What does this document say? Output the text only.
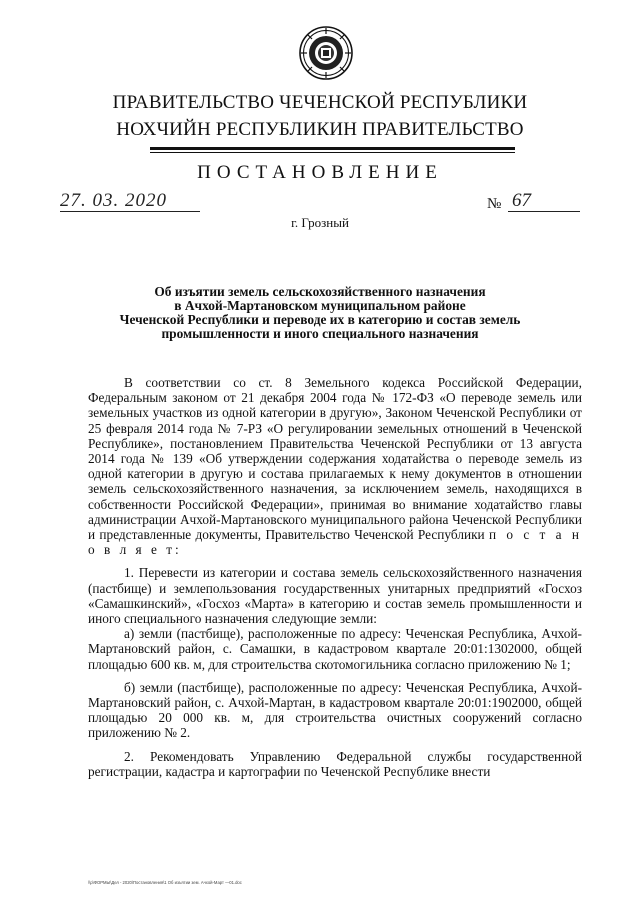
ПРАВИТЕЛЬСТВО ЧЕЧЕНСКОЙ РЕСПУБЛИКИ
НОХЧИЙН РЕСПУБЛИКИН ПРАВИТЕЛЬСТВО
ПОСТАНОВЛЕНИЕ
27. 03. 2020	№ 67
г. Грозный
Об изъятии земель сельскохозяйственного назначения
в Ачхой-Мартановском муниципальном районе
Чеченской Республики и переводе их в категорию и состав земель
промышленности и иного специального назначения

В соответствии со ст. 8 Земельного кодекса Российской Федерации, Федеральным законом от 21 декабря 2004 года № 172-ФЗ «О переводе земель или земельных участков из одной категории в другую», Законом Чеченской Республики от 25 февраля 2014 года № 7-РЗ «О регулировании земельных отношений в Чеченской Республике», постановлением Правительства Чеченской Республики от 13 августа 2014 года № 139 «Об утверждении содержания ходатайства о переводе земель из одной категории в другую и состава прилагаемых к нему документов в отношении земель сельскохозяйственного назначения, за исключением земель, находящихся в собственности Российской Федерации», принимая во внимание ходатайство главы администрации Ачхой-Мартановского муниципального района Чеченской Республики и представленные документы, Правительство Чеченской Республики п о с т а н о в л я е т:

1. Перевести из категории и состава земель сельскохозяйственного назначения (пастбище) и землепользования государственных унитарных предприятий «Госхоз «Самашкинский», «Госхоз «Марта» в категорию и состав земель промышленности и иного специального назначения следующие земли:

а) земли (пастбище), расположенные по адресу: Чеченская Республика, Ачхой-Мартановский район, с. Самашки, в кадастровом квартале 20:01:1302000, общей площадью 600 кв. м, для строительства скотомогильника согласно приложению № 1;

б) земли (пастбище), расположенные по адресу: Чеченская Республика, Ачхой-Мартановский район, с. Ачхой-Мартан, в кадастровом квартале 20:01:1902000, общей площадью 20 000 кв. м, для строительства очистных сооружений согласно приложению № 2.

2. Рекомендовать Управлению Федеральной службы государственной регистрации, кадастра и картографии по Чеченской Республике внести

\\p\ФОРМЫ\Дел - 2020\Постановления\1 Об изъятии зем. Ачхой-Март —01.doc
